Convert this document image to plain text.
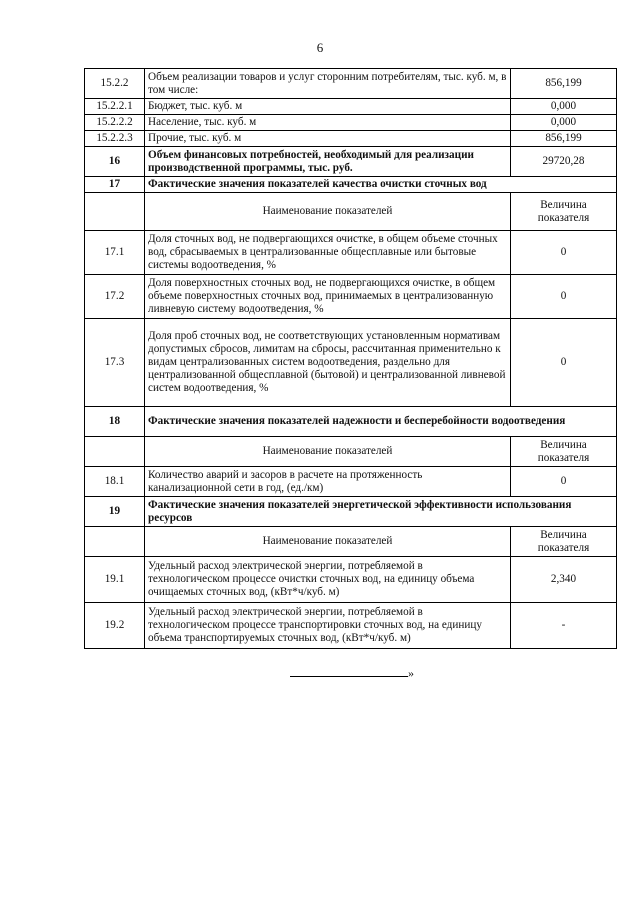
6
15.2.2	Объем реализации товаров и услуг сторонним потребителям, тыс. куб. м, в том числе:	856,199
15.2.2.1	Бюджет, тыс. куб. м	0,000
15.2.2.2	Население, тыс. куб. м	0,000
15.2.2.3	Прочие, тыс. куб. м	856,199
16	Объем финансовых потребностей, необходимый для реализации производственной программы, тыс. руб.	29720,28
17	Фактические значения показателей качества очистки сточных вод	
	Наименование показателей	Величина показателя
17.1	Доля сточных вод, не подвергающихся очистке, в общем объеме сточных вод, сбрасываемых в централизованные общесплавные или бытовые системы водоотведения, %	0
17.2	Доля поверхностных сточных вод, не подвергающихся очистке, в общем объеме поверхностных сточных вод, принимаемых в централизованную ливневую систему водоотведения, %	0
17.3	Доля проб сточных вод, не соответствующих установленным нормативам допустимых сбросов, лимитам на сбросы, рассчитанная применительно к видам централизованных систем водоотведения, раздельно для централизованной общесплавной (бытовой) и централизованной ливневой систем водоотведения, %	0
18	Фактические значения показателей надежности и бесперебойности водоотведения	
	Наименование показателей	Величина показателя
18.1	Количество аварий и засоров в расчете на протяженность канализационной сети в год, (ед./км)	0
19	Фактические значения показателей энергетической эффективности использования ресурсов	
	Наименование показателей	Величина показателя
19.1	Удельный расход электрической энергии, потребляемой в технологическом процессе очистки сточных вод, на единицу объема очищаемых сточных вод, (кВт*ч/куб. м)	2,340
19.2	Удельный расход электрической энергии, потребляемой в технологическом процессе транспортировки сточных вод, на единицу объема транспортируемых сточных вод, (кВт*ч/куб. м)	-
»
